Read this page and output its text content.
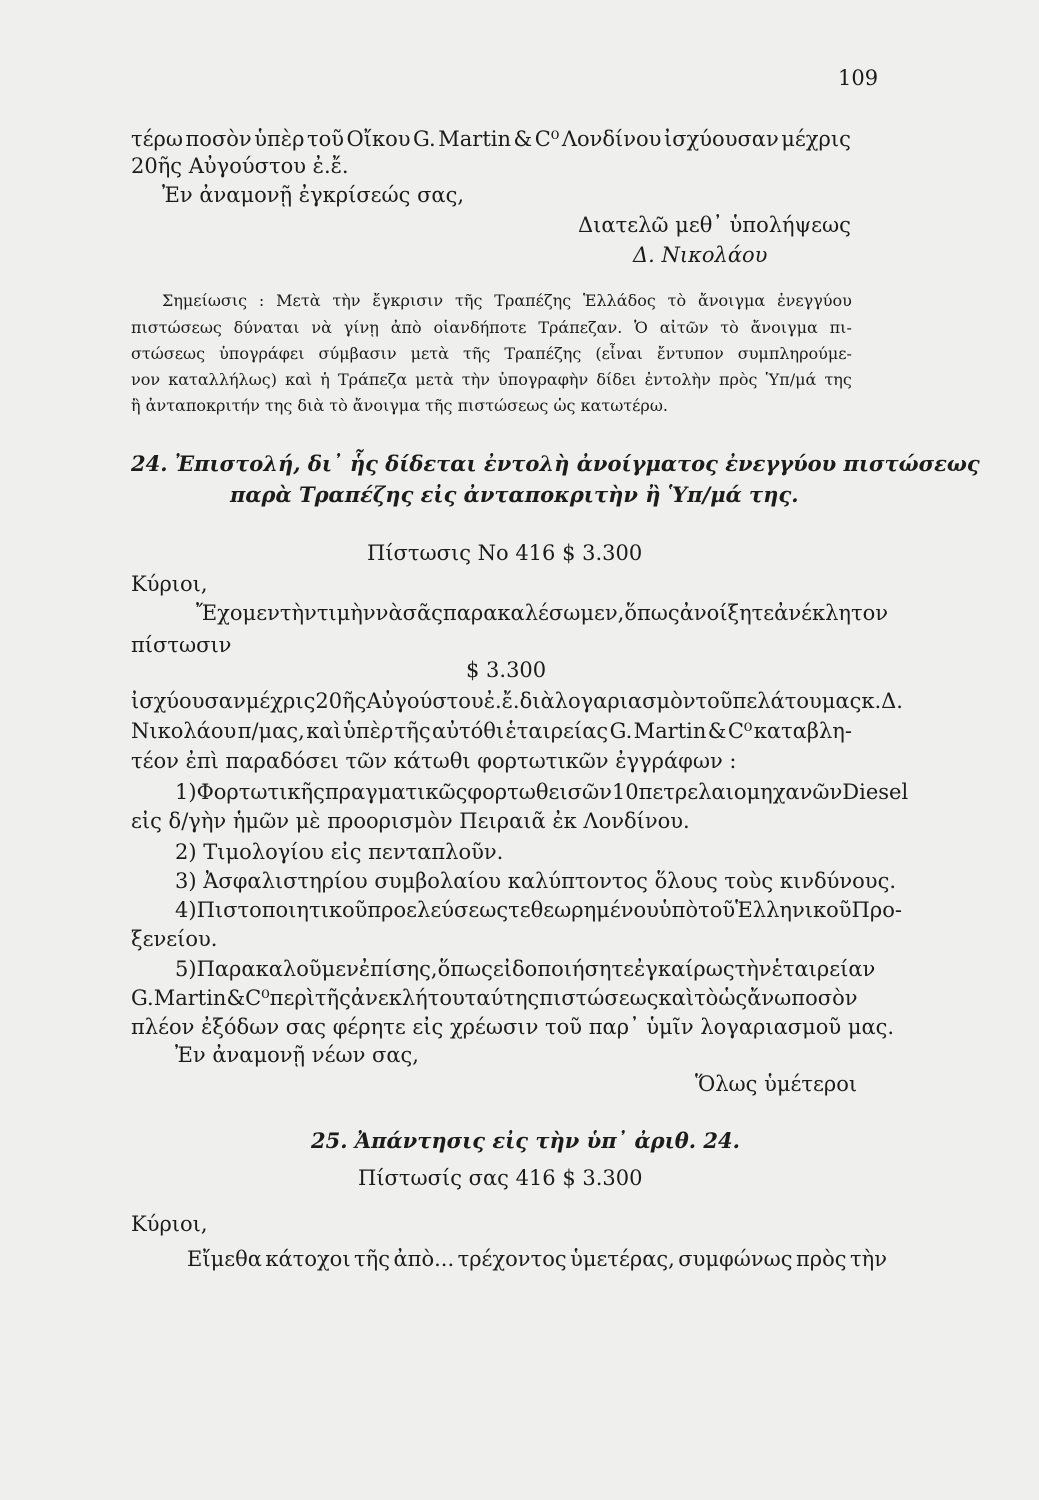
109
τέρω ποσὸν ὑπὲρ τοῦ Οἴκου G. Martin & C⁰ Λονδίνου ἰσχύουσαν μέχρις
20ῆς Αὐγούστου ἐ.ἔ.
Ἐν ἀναμονῇ ἐγκρίσεώς σας,
Διατελῶ μεθ᾿ ὑπολήψεως
Δ. Νικολάου
Σημείωσις : Μετὰ τὴν ἔγκρισιν τῆς Τραπέζης Ἑλλάδος τὸ ἄνοιγμα ἐνεγγύου
πιστώσεως δύναται νὰ γίνῃ ἀπὸ οἱανδήποτε Τράπεζαν. Ὁ αἰτῶν τὸ ἄνοιγμα πι-
στώσεως ὑπογράφει σύμβασιν μετὰ τῆς Τραπέζης (εἶναι ἔντυπον συμπληρούμε-
νον καταλλήλως) καὶ ἡ Τράπεζα μετὰ τὴν ὑπογραφὴν δίδει ἐντολὴν πρὸς Ὑπ/μά της
ἢ ἀνταποκριτήν της διὰ τὸ ἄνοιγμα τῆς πιστώσεως ὡς κατωτέρω.
24. Ἐπιστολή, δι᾿ ἧς δίδεται ἐντολὴ ἀνοίγματος ἐνεγγύου πιστώσεως
παρὰ Τραπέζης εἰς ἀνταποκριτὴν ἢ Ὑπ/μά της.
Πίστωσις Νο 416 $ 3.300
Κύριοι,
Ἔχομεν τὴν τιμὴν νὰ σᾶς παρακαλέσωμεν, ὅπως ἀνοίξητε ἀνέκλητον
πίστωσιν
$ 3.300
ἰσχύουσαν μέχρις 20ῆς Αὐγούστου ἐ.ἔ. διὰ λογαριασμὸν τοῦ πελάτου μας κ. Δ.
Νικολάου π/μας, καὶ ὑπὲρ τῆς αὐτόθι ἑταιρείας G. Martin & C⁰ καταβλη-
τέον ἐπὶ παραδόσει τῶν κάτωθι φορτωτικῶν ἐγγράφων :
1) Φορτωτικῆς πραγματικῶς φορτωθεισῶν 10 πετρελαιομηχανῶν Diesel
εἰς δ/γὴν ἡμῶν μὲ προορισμὸν Πειραιᾶ ἐκ Λονδίνου.
2) Τιμολογίου εἰς πενταπλοῦν.
3) Ἀσφαλιστηρίου συμβολαίου καλύπτοντος ὅλους τοὺς κινδύνους.
4) Πιστοποιητικοῦ προελεύσεως τεθεωρημένου ὑπὸ τοῦ Ἑλληνικοῦ Προ-
ξενείου.
5) Παρακαλοῦμεν ἐπίσης, ὅπως εἰδοποιήσητε ἐγκαίρως τὴν ἑταιρείαν
G. Martin & C⁰ περὶ τῆς ἀνεκλήτου ταύτης πιστώσεως καὶ τὸ ὡς ἄνω ποσὸν
πλέον ἐξόδων σας φέρητε εἰς χρέωσιν τοῦ παρ᾿ ὑμῖν λογαριασμοῦ μας.
Ἐν ἀναμονῇ νέων σας,
Ὅλως ὑμέτεροι
25. Ἀπάντησις εἰς τὴν ὑπ᾿ ἀριθ. 24.
Πίστωσίς σας 416 $ 3.300
Κύριοι,
Εἴμεθα κάτοχοι τῆς ἀπὸ... τρέχοντος ὑμετέρας, συμφώνως πρὸς τὴν
